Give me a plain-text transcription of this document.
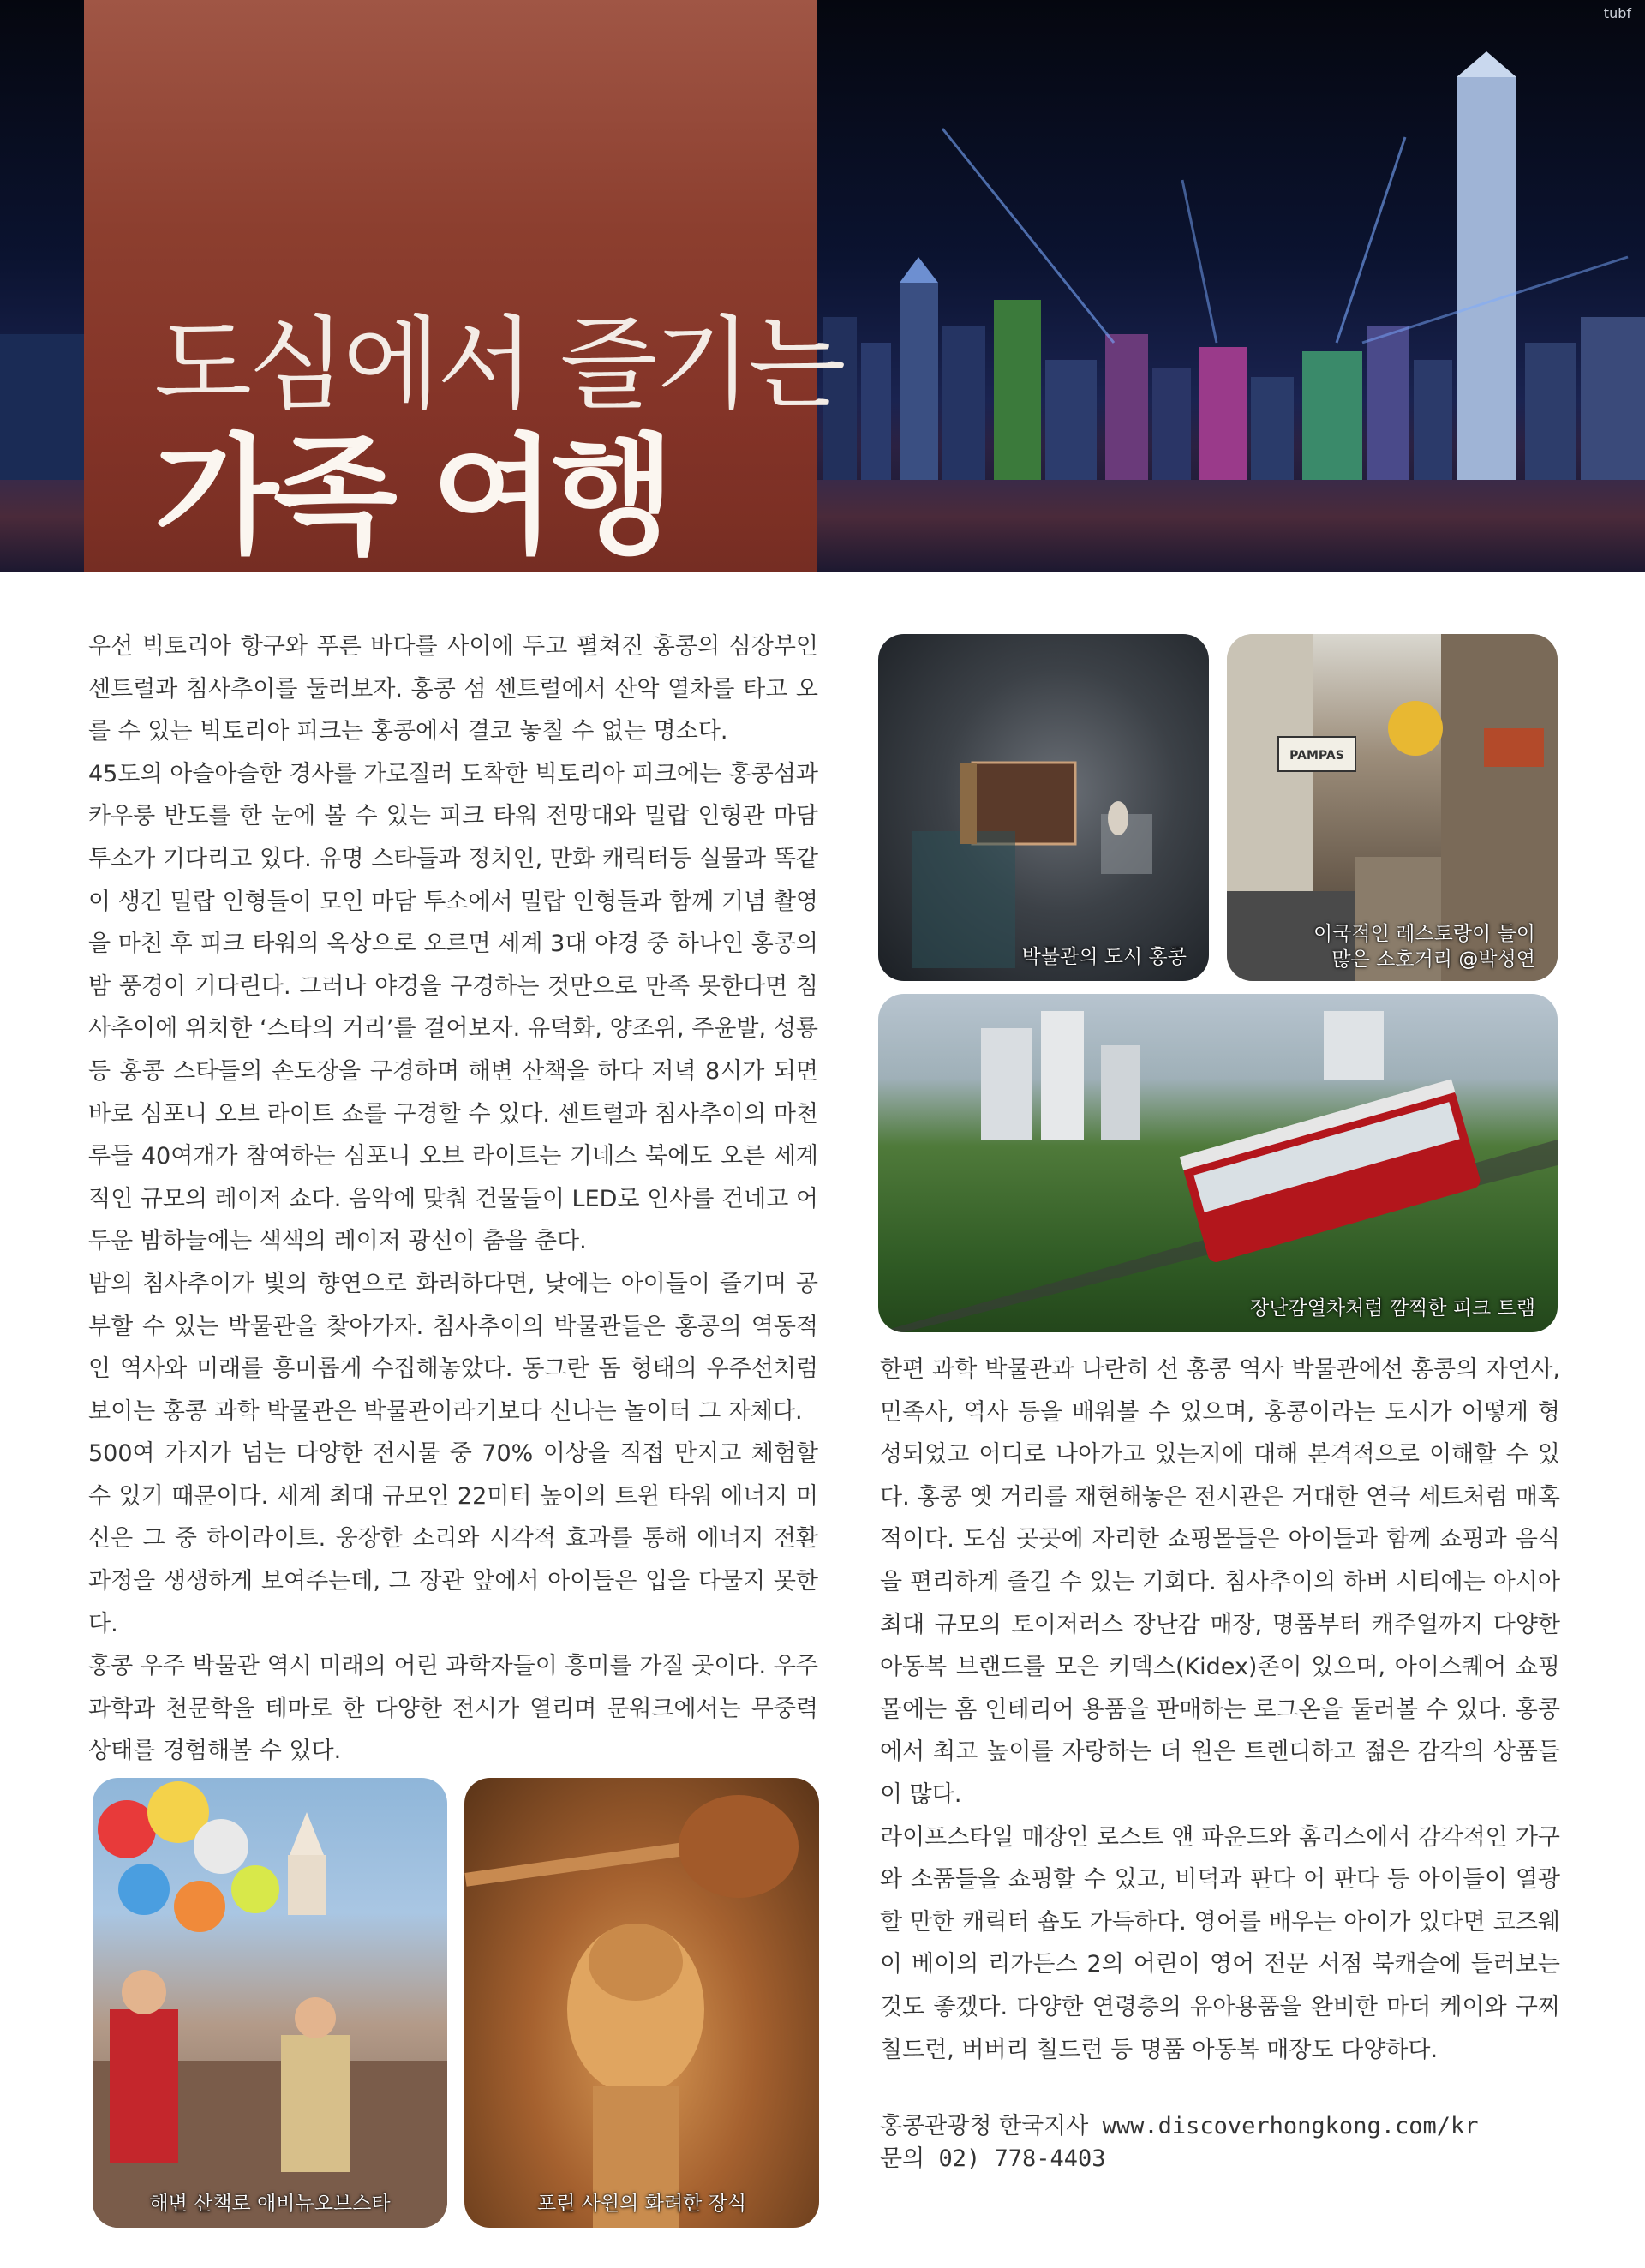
도심에서 즐기는
가족 여행
tubf

우선 빅토리아 항구와 푸른 바다를 사이에 두고 펼쳐진 홍콩의 심장부인 센트럴과 침사추이를 둘러보자. 홍콩 섬 센트럴에서 산악 열차를 타고 오를 수 있는 빅토리아 피크는 홍콩에서 결코 놓칠 수 없는 명소다.

45도의 아슬아슬한 경사를 가로질러 도착한 빅토리아 피크에는 홍콩섬과 카우룽 반도를 한 눈에 볼 수 있는 피크 타워 전망대와 밀랍 인형관 마담 투소가 기다리고 있다. 유명 스타들과 정치인, 만화 캐릭터등 실물과 똑같이 생긴 밀랍 인형들이 모인 마담 투소에서 밀랍 인형들과 함께 기념 촬영을 마친 후 피크 타워의 옥상으로 오르면 세계 3대 야경 중 하나인 홍콩의 밤 풍경이 기다린다. 그러나 야경을 구경하는 것만으로 만족 못한다면 침사추이에 위치한 ‘스타의 거리’를 걸어보자. 유덕화, 양조위, 주윤발, 성룡 등 홍콩 스타들의 손도장을 구경하며 해변 산책을 하다 저녁 8시가 되면 바로 심포니 오브 라이트 쇼를 구경할 수 있다. 센트럴과 침사추이의 마천루들 40여개가 참여하는 심포니 오브 라이트는 기네스 북에도 오른 세계적인 규모의 레이저 쇼다. 음악에 맞춰 건물들이 LED로 인사를 건네고 어두운 밤하늘에는 색색의 레이저 광선이 춤을 춘다.

밤의 침사추이가 빛의 향연으로 화려하다면, 낮에는 아이들이 즐기며 공부할 수 있는 박물관을 찾아가자. 침사추이의 박물관들은 홍콩의 역동적인 역사와 미래를 흥미롭게 수집해놓았다. 동그란 돔 형태의 우주선처럼 보이는 홍콩 과학 박물관은 박물관이라기보다 신나는 놀이터 그 자체다.

500여 가지가 넘는 다양한 전시물 중 70% 이상을 직접 만지고 체험할 수 있기 때문이다. 세계 최대 규모인 22미터 높이의 트윈 타워 에너지 머신은 그 중 하이라이트. 웅장한 소리와 시각적 효과를 통해 에너지 전환 과정을 생생하게 보여주는데, 그 장관 앞에서 아이들은 입을 다물지 못한다.

홍콩 우주 박물관 역시 미래의 어린 과학자들이 흥미를 가질 곳이다. 우주 과학과 천문학을 테마로 한 다양한 전시가 열리며 문워크에서는 무중력 상태를 경험해볼 수 있다.

박물관의 도시 홍콩
PAMPAS
이국적인 레스토랑이 들이
많은 소호거리 @박성연
장난감열차처럼 깜찍한 피크 트램

한편 과학 박물관과 나란히 선 홍콩 역사 박물관에선 홍콩의 자연사, 민족사, 역사 등을 배워볼 수 있으며, 홍콩이라는 도시가 어떻게 형성되었고 어디로 나아가고 있는지에 대해 본격적으로 이해할 수 있다. 홍콩 옛 거리를 재현해놓은 전시관은 거대한 연극 세트처럼 매혹적이다. 도심 곳곳에 자리한 쇼핑몰들은 아이들과 함께 쇼핑과 음식을 편리하게 즐길 수 있는 기회다. 침사추이의 하버 시티에는 아시아 최대 규모의 토이저러스 장난감 매장, 명품부터 캐주얼까지 다양한 아동복 브랜드를 모은 키덱스(Kidex)존이 있으며, 아이스퀘어 쇼핑몰에는 홈 인테리어 용품을 판매하는 로그온을 둘러볼 수 있다. 홍콩에서 최고 높이를 자랑하는 더 원은 트렌디하고 젊은 감각의 상품들이 많다.

라이프스타일 매장인 로스트 앤 파운드와 홈리스에서 감각적인 가구와 소품들을 쇼핑할 수 있고, 비덕과 판다 어 판다 등 아이들이 열광할 만한 캐릭터 숍도 가득하다. 영어를 배우는 아이가 있다면 코즈웨이 베이의 리가든스 2의 어린이 영어 전문 서점 북캐슬에 들러보는 것도 좋겠다. 다양한 연령층의 유아용품을 완비한 마더 케이와 구찌 칠드런, 버버리 칠드런 등 명품 아동복 매장도 다양하다.

해변 산책로 애비뉴오브스타	포린 사원의 화려한 장식
홍콩관광청 한국지사 www.discoverhongkong.com/kr
문의 02) 778-4403
